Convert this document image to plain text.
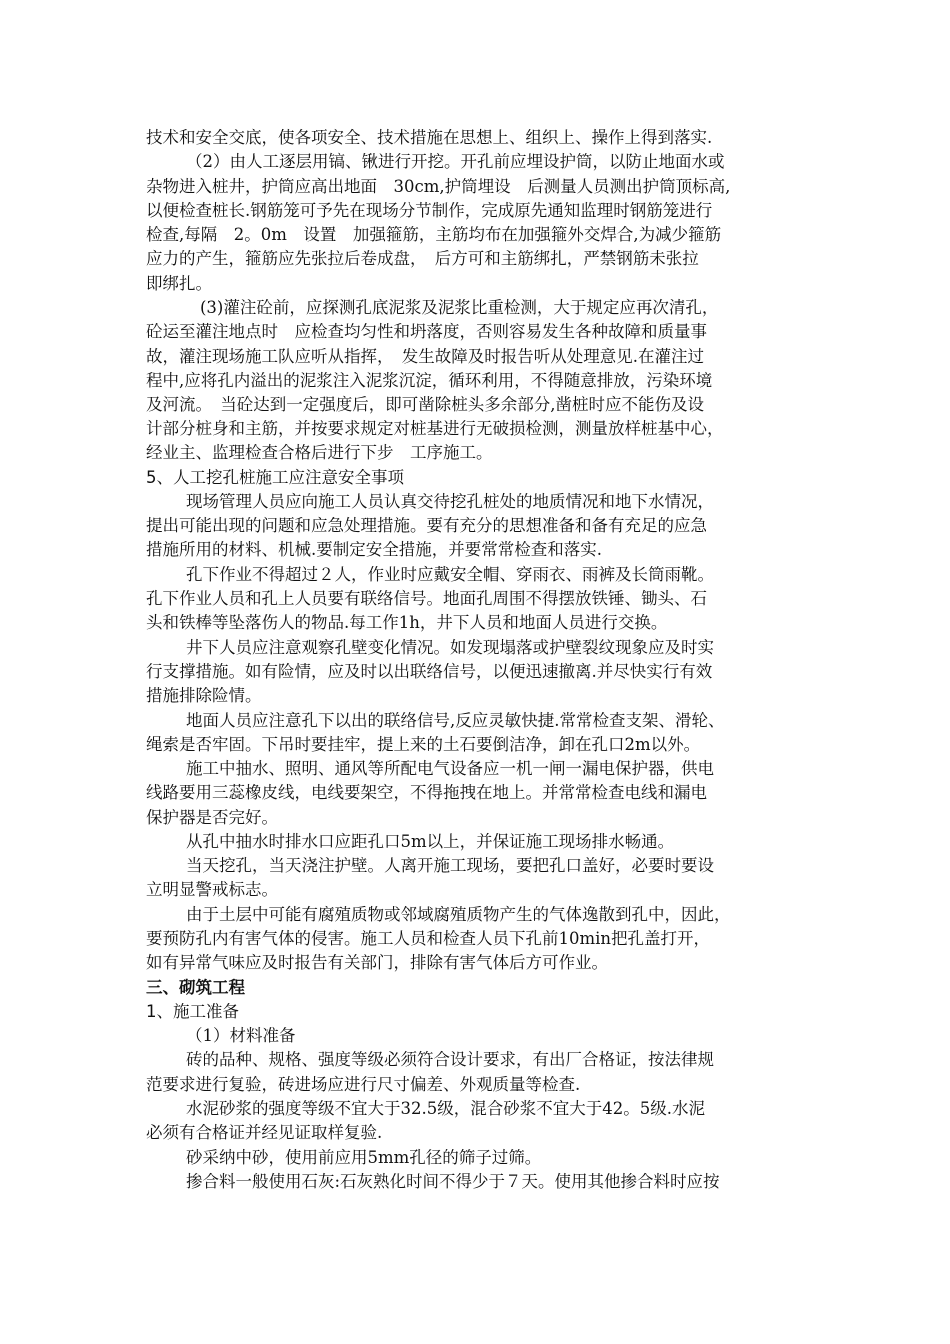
技术和安全交底，使各项安全、技术措施在思想上、组织上、操作上得到落实.
（2）由人工逐层用镐、锹进行开挖。开孔前应埋设护筒，以防止地面水或
杂物进入桩井，护筒应高出地面　30cm,护筒埋设　后测量人员测出护筒顶标高,
以便检查桩长.钢筋笼可予先在现场分节制作，完成原先通知监理时钢筋笼进行
检查,每隔　2。0m　设置　加强箍筋，主筋均布在加强箍外交焊合,为减少箍筋
应力的产生，箍筋应先张拉后卷成盘，　后方可和主筋绑扎，严禁钢筋未张拉
即绑扎。
(3)灌注砼前，应探测孔底泥浆及泥浆比重检测，大于规定应再次清孔，
砼运至灌注地点时　应检查均匀性和坍落度，否则容易发生各种故障和质量事
故，灌注现场施工队应听从指挥，　发生故障及时报告听从处理意见.在灌注过
程中,应将孔内溢出的泥浆注入泥浆沉淀，循环利用，不得随意排放，污染环境
及河流。　当砼达到一定强度后，即可凿除桩头多余部分,凿桩时应不能伤及设
计部分桩身和主筋，并按要求规定对桩基进行无破损检测，测量放样桩基中心，
经业主、监理检查合格后进行下步　工序施工。
5、人工挖孔桩施工应注意安全事项
现场管理人员应向施工人员认真交待挖孔桩处的地质情况和地下水情况，
提出可能出现的问题和应急处理措施。要有充分的思想准备和备有充足的应急
措施所用的材料、机械.要制定安全措施，并要常常检查和落实.
孔下作业不得超过２人，作业时应戴安全帽、穿雨衣、雨裤及长筒雨靴。
孔下作业人员和孔上人员要有联络信号。地面孔周围不得摆放铁锤、锄头、石
头和铁棒等坠落伤人的物品.每工作1h，井下人员和地面人员进行交换。
井下人员应注意观察孔壁变化情况。如发现塌落或护壁裂纹现象应及时实
行支撑措施。如有险情，应及时以出联络信号，以便迅速撤离.并尽快实行有效
措施排除险情。
地面人员应注意孔下以出的联络信号,反应灵敏快捷.常常检查支架、滑轮、
绳索是否牢固。下吊时要挂牢，提上来的土石要倒洁净，卸在孔口2m以外。
施工中抽水、照明、通风等所配电气设备应一机一闸一漏电保护器，供电
线路要用三蕊橡皮线，电线要架空，不得拖拽在地上。并常常检查电线和漏电
保护器是否完好。
从孔中抽水时排水口应距孔口5m以上，并保证施工现场排水畅通。
当天挖孔，当天浇注护壁。人离开施工现场，要把孔口盖好，必要时要设
立明显警戒标志。
由于土层中可能有腐殖质物或邻域腐殖质物产生的气体逸散到孔中，因此，
要预防孔内有害气体的侵害。施工人员和检查人员下孔前10min把孔盖打开，
如有异常气味应及时报告有关部门，排除有害气体后方可作业。
三、砌筑工程
1、施工准备
（1）材料准备
砖的品种、规格、强度等级必须符合设计要求，有出厂合格证，按法律规
范要求进行复验，砖进场应进行尺寸偏差、外观质量等检查.
水泥砂浆的强度等级不宜大于32.5级，混合砂浆不宜大于42。5级.水泥
必须有合格证并经见证取样复验.
砂采纳中砂，使用前应用5mm孔径的筛子过筛。
掺合料一般使用石灰:石灰熟化时间不得少于７天。使用其他掺合料时应按
